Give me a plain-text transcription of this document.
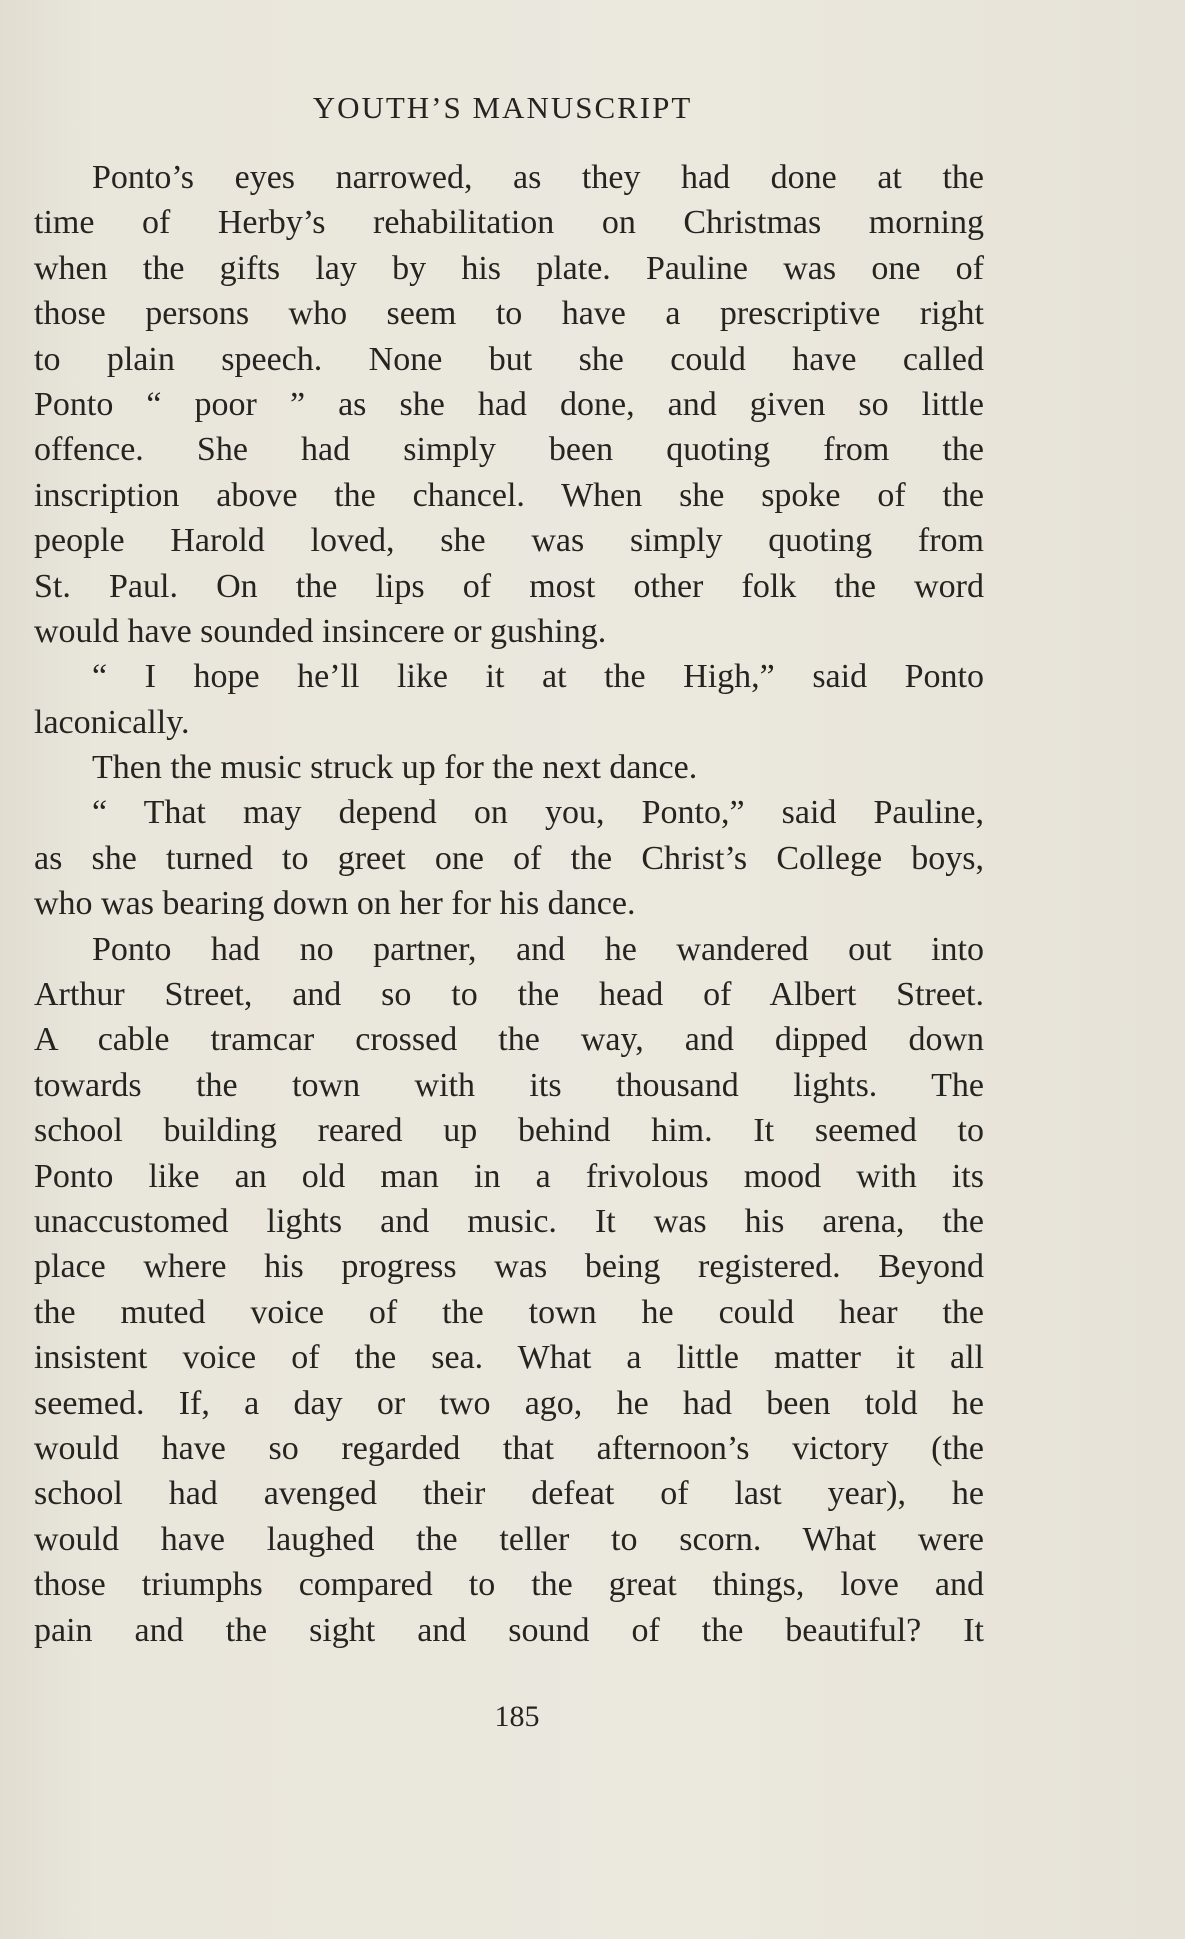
YOUTH’S MANUSCRIPT
Ponto’s eyes narrowed, as they had done at the
time of Herby’s rehabilitation on Christmas morning
when the gifts lay by his plate. Pauline was one of
those persons who seem to have a prescriptive right
to plain speech. None but she could have called
Ponto “ poor ” as she had done, and given so little
offence. She had simply been quoting from the
inscription above the chancel. When she spoke of the
people Harold loved, she was simply quoting from
St. Paul. On the lips of most other folk the word
would have sounded insincere or gushing.
“ I hope he’ll like it at the High,” said Ponto
laconically.
Then the music struck up for the next dance.
“ That may depend on you, Ponto,” said Pauline,
as she turned to greet one of the Christ’s College boys,
who was bearing down on her for his dance.
Ponto had no partner, and he wandered out into
Arthur Street, and so to the head of Albert Street.
A cable tramcar crossed the way, and dipped down
towards the town with its thousand lights. The
school building reared up behind him. It seemed to
Ponto like an old man in a frivolous mood with its
unaccustomed lights and music. It was his arena, the
place where his progress was being registered. Beyond
the muted voice of the town he could hear the
insistent voice of the sea. What a little matter it all
seemed. If, a day or two ago, he had been told he
would have so regarded that afternoon’s victory (the
school had avenged their defeat of last year), he
would have laughed the teller to scorn. What were
those triumphs compared to the great things, love and
pain and the sight and sound of the beautiful? It
185
